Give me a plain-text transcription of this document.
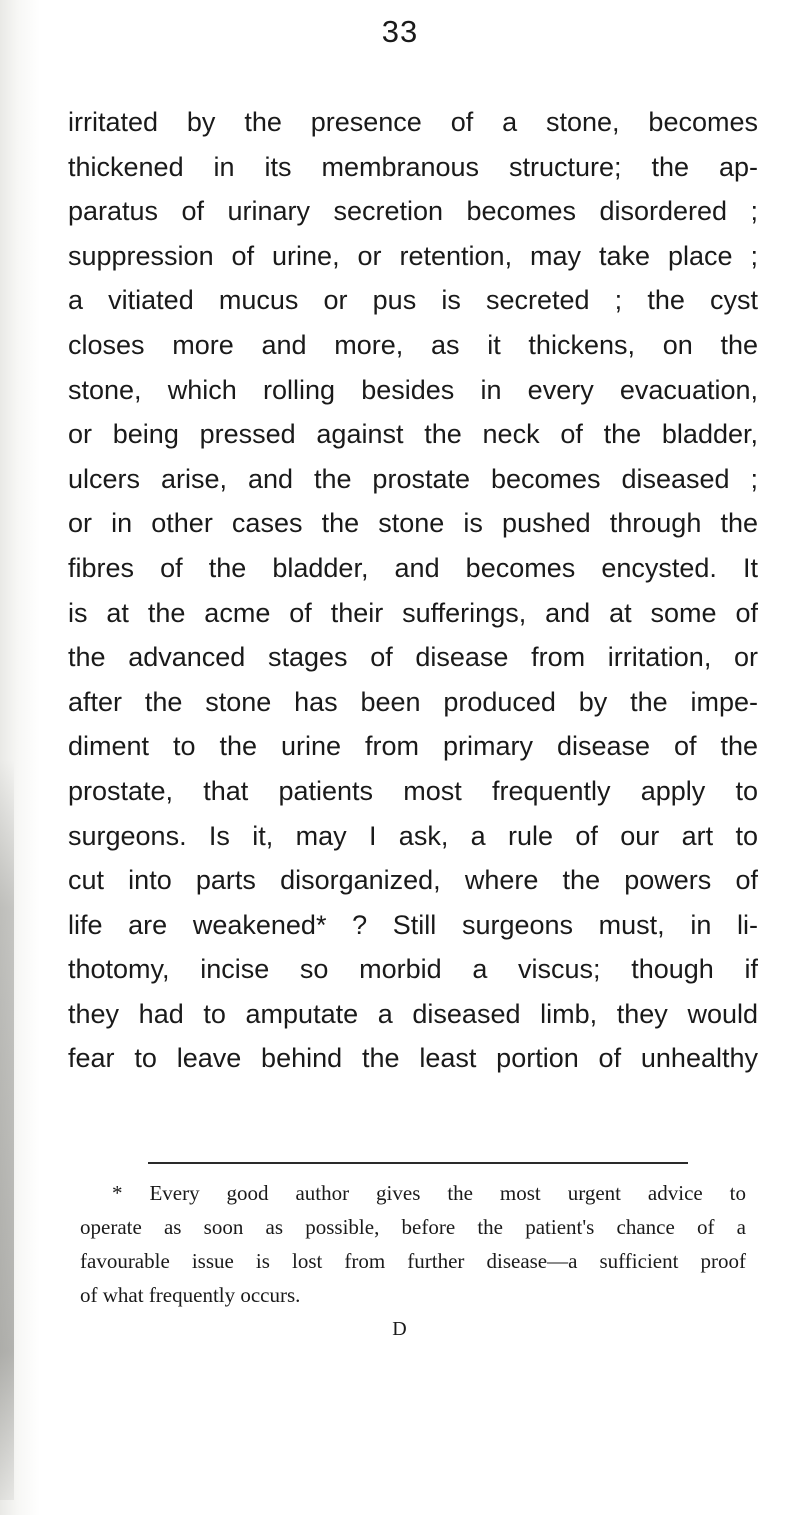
33
irritated by the presence of a stone, becomes
thickened in its membranous structure; the ap-
paratus of urinary secretion becomes disordered ;
suppression of urine, or retention, may take place ;
a vitiated mucus or pus is secreted ; the cyst
closes more and more, as it thickens, on the
stone, which rolling besides in every evacuation,
or being pressed against the neck of the bladder,
ulcers arise, and the prostate becomes diseased ;
or in other cases the stone is pushed through the
fibres of the bladder, and becomes encysted. It
is at the acme of their sufferings, and at some of
the advanced stages of disease from irritation, or
after the stone has been produced by the impe-
diment to the urine from primary disease of the
prostate, that patients most frequently apply to
surgeons. Is it, may I ask, a rule of our art to
cut into parts disorganized, where the powers of
life are weakened* ? Still surgeons must, in li-
thotomy, incise so morbid a viscus; though if
they had to amputate a diseased limb, they would
fear to leave behind the least portion of unhealthy
* Every good author gives the most urgent advice to
operate as soon as possible, before the patient's chance of a
favourable issue is lost from further disease—a sufficient proof
of what frequently occurs.
D
